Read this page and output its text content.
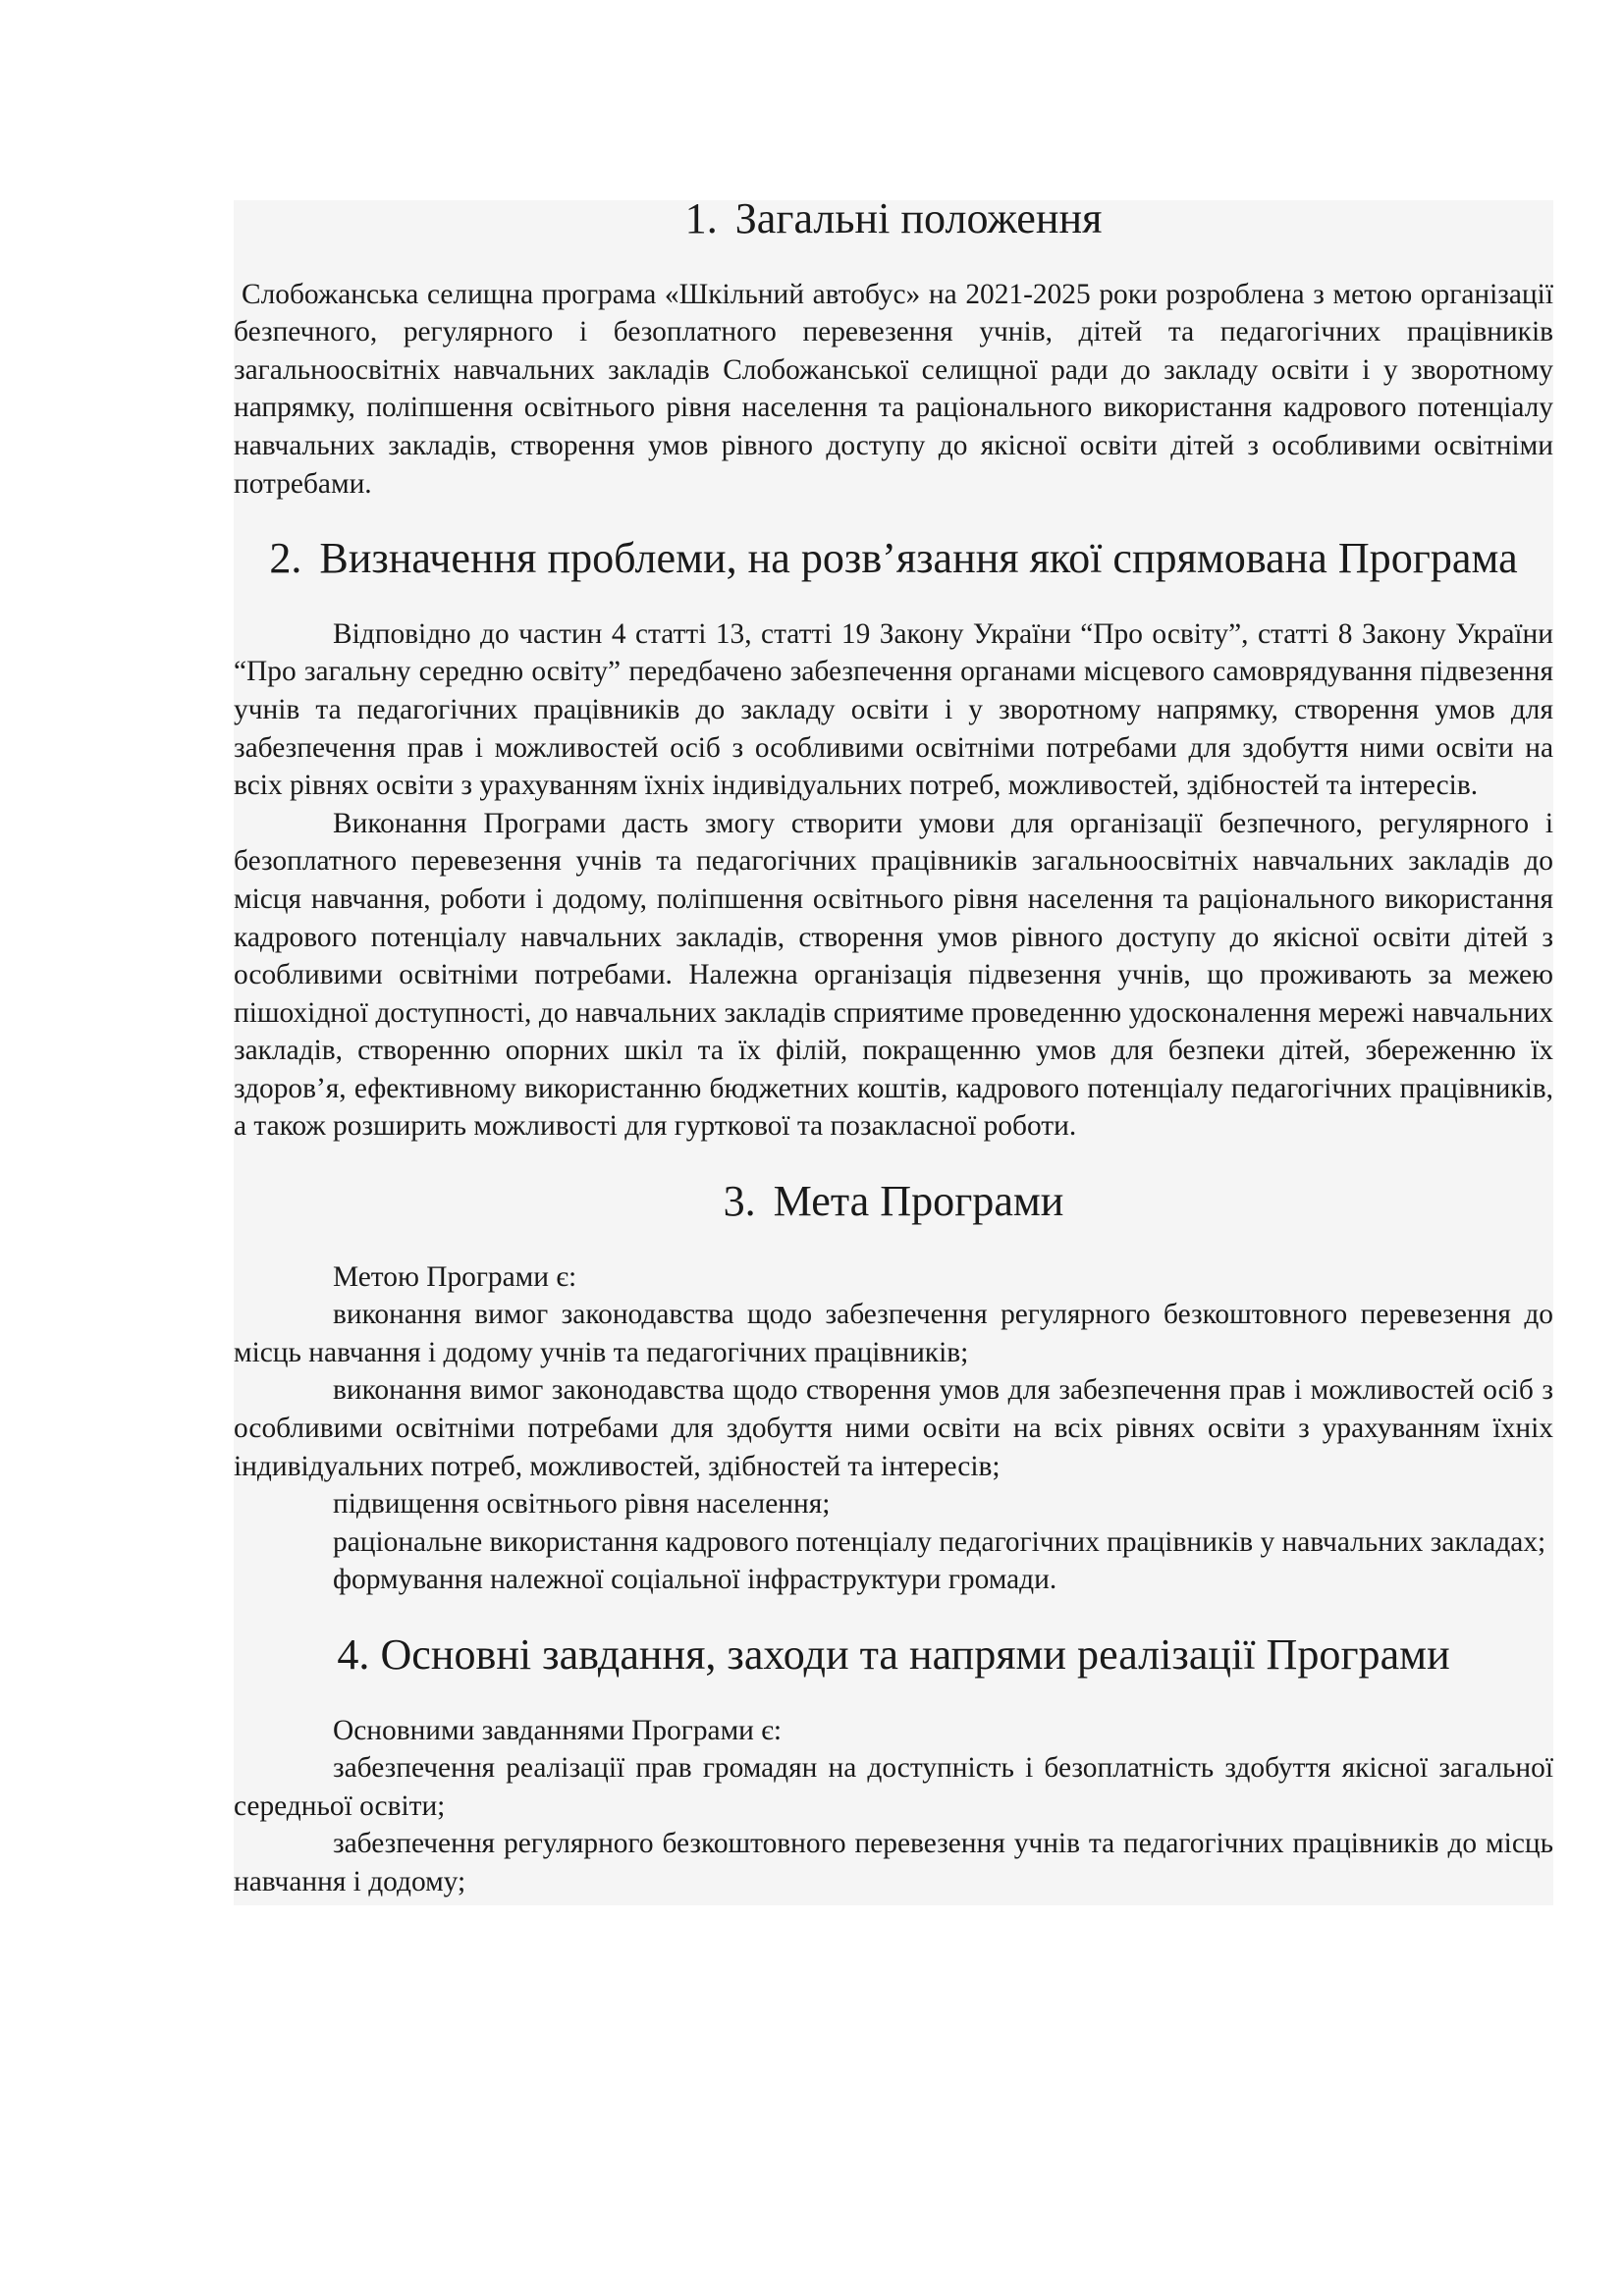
1. Загальні положення

Слобожанська селищна програма «Шкільний автобус» на 2021-2025 роки розроблена з метою організації безпечного, регулярного і безоплатного перевезення учнів, дітей та педагогічних працівників загальноосвітніх навчальних закладів Слобожанської селищної ради до закладу освіти і у зворотному напрямку, поліпшення освітнього рівня населення та раціонального використання кадрового потенціалу навчальних закладів, створення умов рівного доступу до якісної освіти дітей з особливими освітніми потребами.

2. Визначення проблеми, на розв’язання якої спрямована Програма

Відповідно до частин 4 статті 13, статті 19 Закону України “Про освіту”, статті 8 Закону України “Про загальну середню освіту” передбачено забезпечення органами місцевого самоврядування підвезення учнів та педагогічних працівників до закладу освіти і у зворотному напрямку, створення умов для забезпечення прав і можливостей осіб з особливими освітніми потребами для здобуття ними освіти на всіх рівнях освіти з урахуванням їхніх індивідуальних потреб, можливостей, здібностей та інтересів.

Виконання Програми дасть змогу створити умови для організації безпечного, регулярного і безоплатного перевезення учнів та педагогічних працівників загальноосвітніх навчальних закладів до місця навчання, роботи і додому, поліпшення освітнього рівня населення та раціонального використання кадрового потенціалу навчальних закладів, створення умов рівного доступу до якісної освіти дітей з особливими освітніми потребами. Належна організація підвезення учнів, що проживають за межею пішохідної доступності, до навчальних закладів сприятиме проведенню удосконалення мережі навчальних закладів, створенню опорних шкіл та їх філій, покращенню умов для безпеки дітей, збереженню їх здоров’я, ефективному використанню бюджетних коштів, кадрового потенціалу педагогічних працівників, а також розширить можливості для гурткової та позакласної роботи.

3. Мета Програми

Метою Програми є:

виконання вимог законодавства щодо забезпечення регулярного безкоштовного перевезення до місць навчання і додому учнів та педагогічних працівників;

виконання вимог законодавства щодо створення умов для забезпечення прав і можливостей осіб з особливими освітніми потребами для здобуття ними освіти на всіх рівнях освіти з урахуванням їхніх індивідуальних потреб, можливостей, здібностей та інтересів;

підвищення освітнього рівня населення;

раціональне використання кадрового потенціалу педагогічних працівників у навчальних закладах;

формування належної соціальної інфраструктури громади.

4. Основні завдання, заходи та напрями реалізації Програми

Основними завданнями Програми є:

забезпечення реалізації прав громадян на доступність і безоплатність здобуття якісної загальної середньої освіти;

забезпечення регулярного безкоштовного перевезення учнів та педагогічних працівників до місць навчання і додому;
